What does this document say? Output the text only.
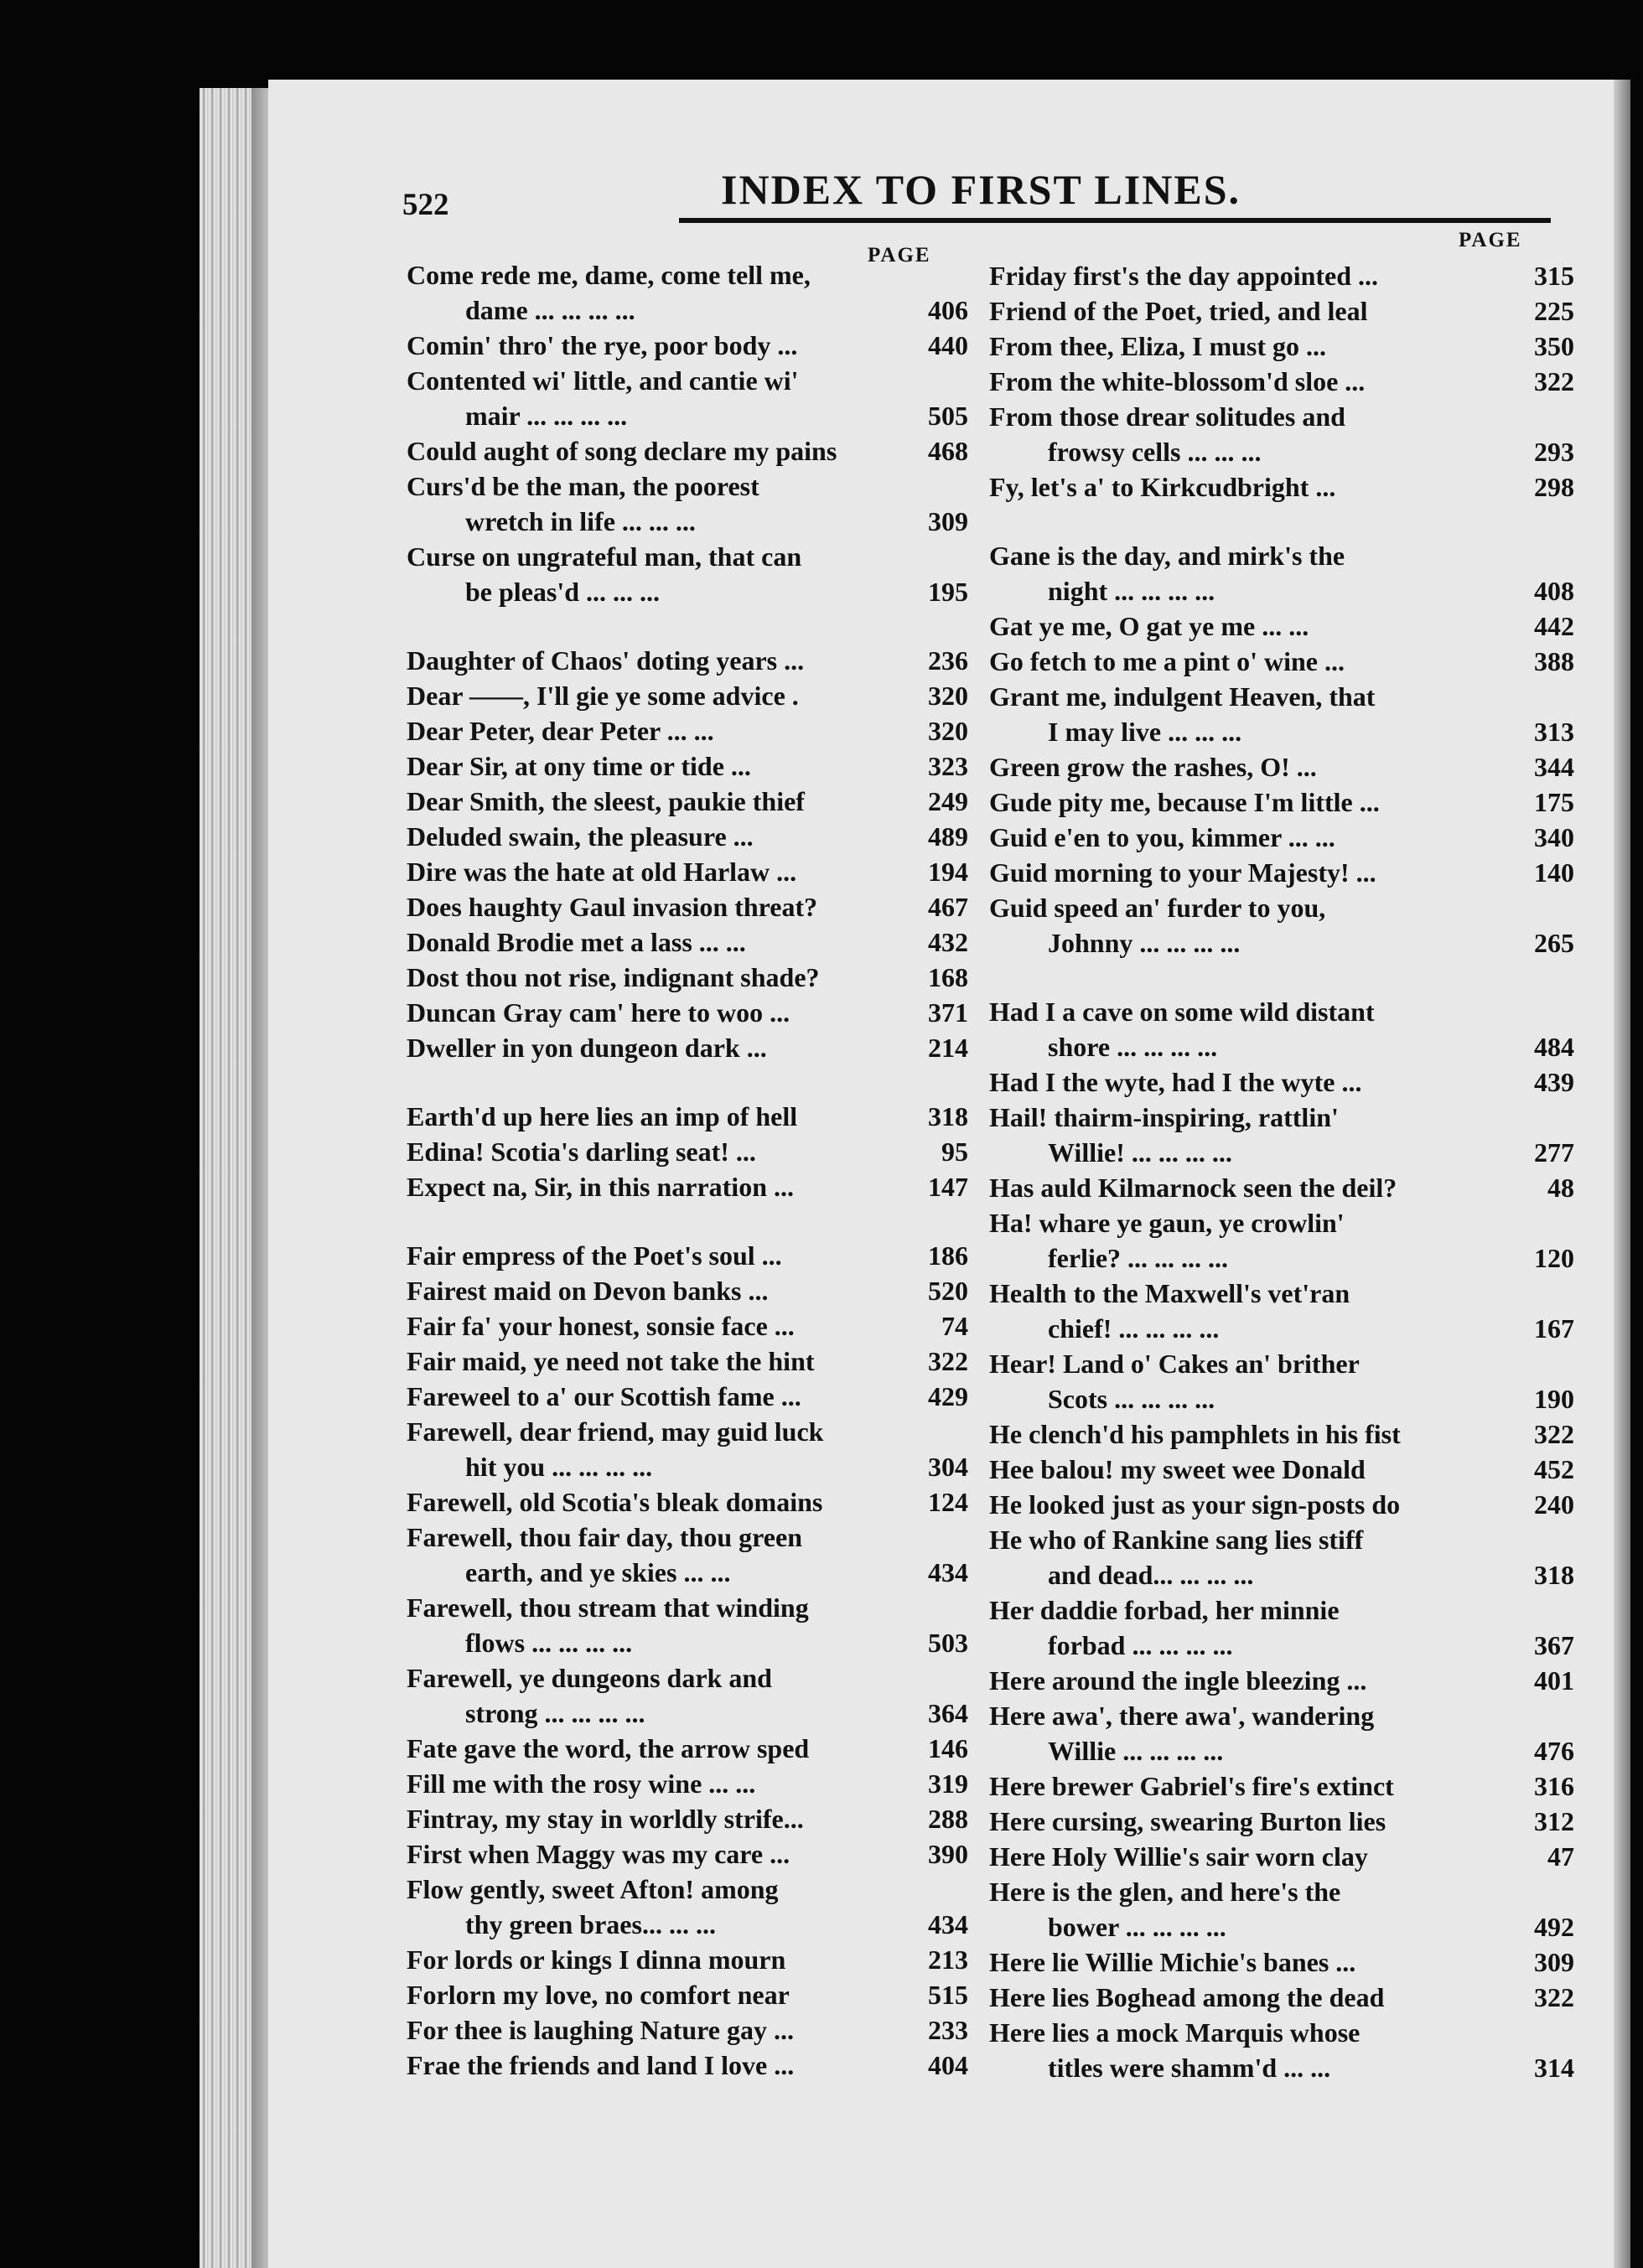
522	INDEX TO FIRST LINES.
PAGE
PAGE
Come rede me, dame, come tell me,
dame ... ... ... ...	406
Comin' thro' the rye, poor body ...	440
Contented wi' little, and cantie wi'
mair ... ... ... ...	505
Could aught of song declare my pains	468
Curs'd be the man, the poorest
wretch in life ... ... ...	309
Curse on ungrateful man, that can
be pleas'd ... ... ...	195
Daughter of Chaos' doting years ...	236
Dear ——, I'll gie ye some advice .	320
Dear Peter, dear Peter ... ...	320
Dear Sir, at ony time or tide ...	323
Dear Smith, the sleest, paukie thief	249
Deluded swain, the pleasure ...	489
Dire was the hate at old Harlaw ...	194
Does haughty Gaul invasion threat?	467
Donald Brodie met a lass ... ...	432
Dost thou not rise, indignant shade?	168
Duncan Gray cam' here to woo ...	371
Dweller in yon dungeon dark ...	214
Earth'd up here lies an imp of hell	318
Edina! Scotia's darling seat! ...	95
Expect na, Sir, in this narration ...	147
Fair empress of the Poet's soul ...	186
Fairest maid on Devon banks ...	520
Fair fa' your honest, sonsie face ...	74
Fair maid, ye need not take the hint	322
Fareweel to a' our Scottish fame ...	429
Farewell, dear friend, may guid luck
hit you ... ... ... ...	304
Farewell, old Scotia's bleak domains	124
Farewell, thou fair day, thou green
earth, and ye skies ... ...	434
Farewell, thou stream that winding
flows ... ... ... ...	503
Farewell, ye dungeons dark and
strong ... ... ... ...	364
Fate gave the word, the arrow sped	146
Fill me with the rosy wine ... ...	319
Fintray, my stay in worldly strife...	288
First when Maggy was my care ...	390
Flow gently, sweet Afton! among
thy green braes... ... ...	434
For lords or kings I dinna mourn	213
Forlorn my love, no comfort near	515
For thee is laughing Nature gay ...	233
Frae the friends and land I love ...	404
Friday first's the day appointed ...	315
Friend of the Poet, tried, and leal	225
From thee, Eliza, I must go ...	350
From the white-blossom'd sloe ...	322
From those drear solitudes and
frowsy cells ... ... ...	293
Fy, let's a' to Kirkcudbright ...	298
Gane is the day, and mirk's the
night ... ... ... ...	408
Gat ye me, O gat ye me ... ...	442
Go fetch to me a pint o' wine ...	388
Grant me, indulgent Heaven, that
I may live ... ... ...	313
Green grow the rashes, O! ...	344
Gude pity me, because I'm little ...	175
Guid e'en to you, kimmer ... ...	340
Guid morning to your Majesty! ...	140
Guid speed an' furder to you,
Johnny ... ... ... ...	265
Had I a cave on some wild distant
shore ... ... ... ...	484
Had I the wyte, had I the wyte ...	439
Hail! thairm-inspiring, rattlin'
Willie! ... ... ... ...	277
Has auld Kilmarnock seen the deil?	48
Ha! whare ye gaun, ye crowlin'
ferlie? ... ... ... ...	120
Health to the Maxwell's vet'ran
chief! ... ... ... ...	167
Hear! Land o' Cakes an' brither
Scots ... ... ... ...	190
He clench'd his pamphlets in his fist	322
Hee balou! my sweet wee Donald	452
He looked just as your sign-posts do	240
He who of Rankine sang lies stiff
and dead... ... ... ...	318
Her daddie forbad, her minnie
forbad ... ... ... ...	367
Here around the ingle bleezing ...	401
Here awa', there awa', wandering
Willie ... ... ... ...	476
Here brewer Gabriel's fire's extinct	316
Here cursing, swearing Burton lies	312
Here Holy Willie's sair worn clay	47
Here is the glen, and here's the
bower ... ... ... ...	492
Here lie Willie Michie's banes ...	309
Here lies Boghead among the dead	322
Here lies a mock Marquis whose
titles were shamm'd ... ...	314
